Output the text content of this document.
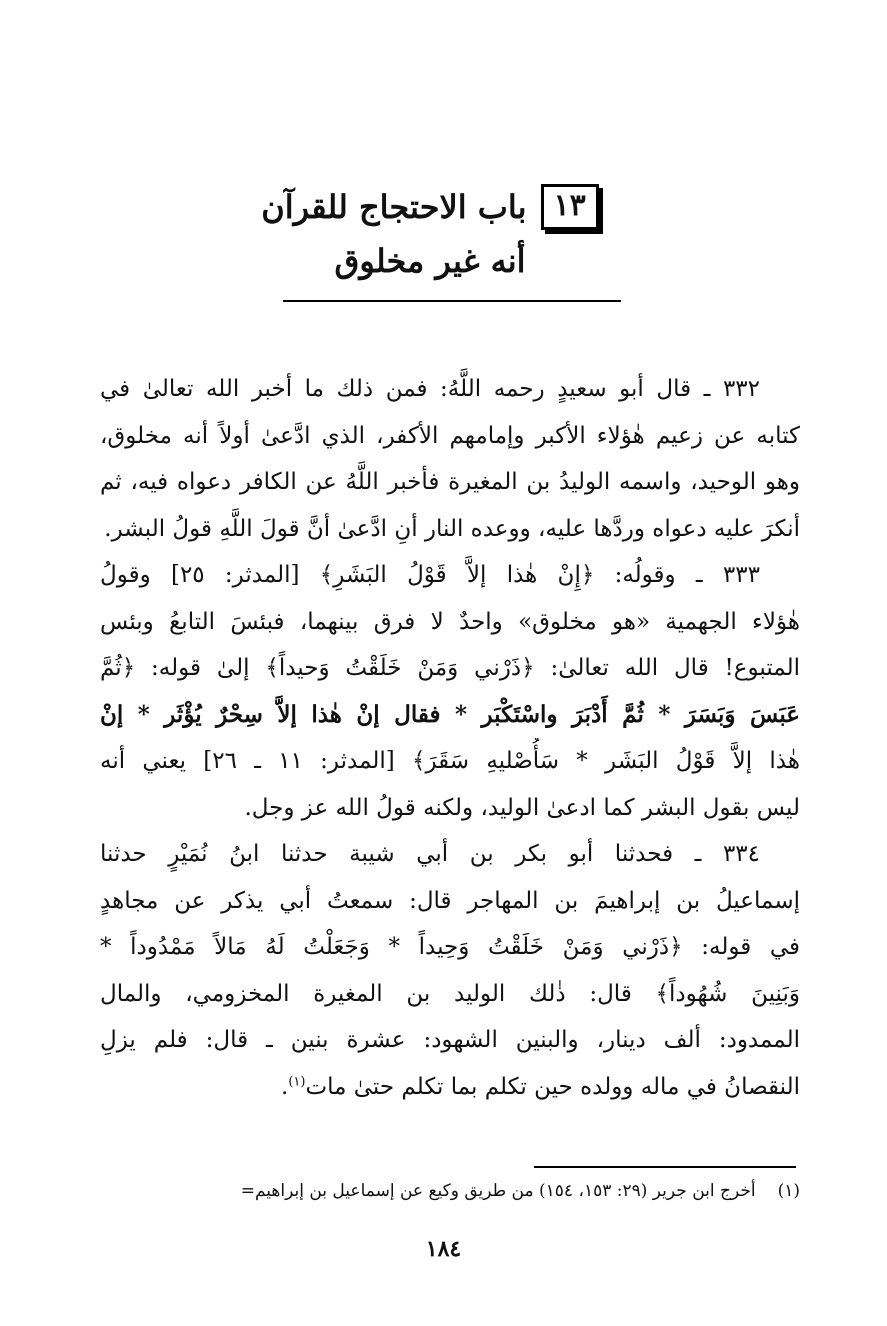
١٣
باب الاحتجاج للقرآن
أنه غير مخلوق
٣٣٢ ـ قال أبو سعيدٍ رحمه اللَّهُ: فمن ذلك ما أخبر الله تعالىٰ في
كتابه عن زعيم هٰؤلاء الأكبر وإمامهم الأكفر، الذي ادَّعىٰ أولاً أنه مخلوق،
وهو الوحيد، واسمه الوليدُ بن المغيرة فأخبر اللَّهُ عن الكافر دعواه فيه، ثم
أنكرَ عليه دعواه وردَّها عليه، ووعده النار أنِ ادَّعىٰ أنَّ قولَ اللَّهِ قولُ البشر.
٣٣٣ ـ وقولُه: ﴿إِنْ هٰذا إلاَّ قَوْلُ البَشَرِ﴾ [المدثر: ٢٥] وقولُ
هٰؤلاء الجهمية «هو مخلوق» واحدٌ لا فرق بينهما، فبئسَ التابعُ وبئس
المتبوع! قال الله تعالىٰ: ﴿ذَرْني وَمَنْ خَلَقْتُ وَحيداً﴾ إلىٰ قوله: ﴿ثُمَّ
عَبَسَ وَبَسَرَ * ثُمَّ أَدْبَرَ واسْتَكْبَر * فقال إنْ هٰذا إلاَّ سِحْرٌ يُؤْثَر * إنْ
هٰذا إلاَّ قَوْلُ البَشَر * سَأُصْليهِ سَقَرَ﴾ [المدثر: ١١ ـ ٢٦] يعني أنه
ليس بقول البشر كما ادعىٰ الوليد، ولكنه قولُ الله عز وجل.
٣٣٤ ـ فحدثنا أبو بكر بن أبي شيبة حدثنا ابنُ نُمَيْرٍ حدثنا
إسماعيلُ بن إبراهيمَ بن المهاجر قال: سمعتُ أبي يذكر عن مجاهدٍ
في قوله: ﴿ذَرْني وَمَنْ خَلَقْتُ وَحِيداً * وَجَعَلْتُ لَهُ مَالاً مَمْدُوداً *
وَبَنِينَ شُهُوداً﴾ قال: ذٰلك الوليد بن المغيرة المخزومي، والمال
الممدود: ألف دينار، والبنين الشهود: عشرة بنين ـ قال: فلم يزلِ
النقصانُ في ماله وولده حين تكلم بما تكلم حتىٰ مات$^{(١)}$.
(١)أخرج ابن جرير (٢٩: ١٥٣، ١٥٤) من طريق وكيع عن إسماعيل بن إبراهيم=
١٨٤
